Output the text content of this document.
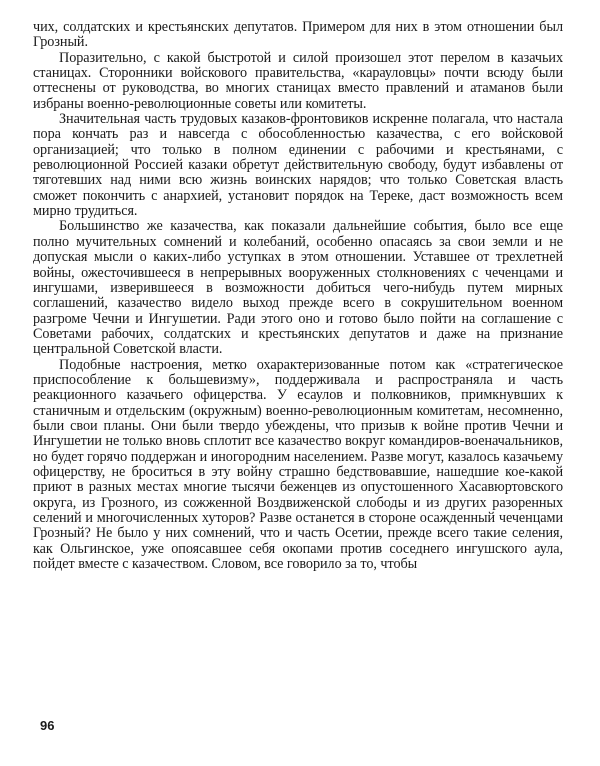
чих, солдатских и крестьянских депутатов. Примером для них в этом отношении был Грозный.

Поразительно, с какой быстротой и силой произошел этот перелом в казачьих станицах. Сторонники войскового правительства, «карауловцы» почти всюду были оттеснены от руководства, во многих станицах вместо правлений и атаманов были избраны военно-революционные советы или комитеты.

Значительная часть трудовых казаков-фронтовиков искренне полагала, что настала пора кончать раз и навсегда с обособленностью казачества, с его войсковой организацией; что только в полном единении с рабочими и крестьянами, с революционной Россией казаки обретут действительную свободу, будут избавлены от тяготевших над ними всю жизнь воинских нарядов; что только Советская власть сможет покончить с анархией, установит порядок на Тереке, даст возможность всем мирно трудиться.

Большинство же казачества, как показали дальнейшие события, было все еще полно мучительных сомнений и колебаний, особенно опасаясь за свои земли и не допуская мысли о каких-либо уступках в этом отношении. Уставшее от трехлетней войны, ожесточившееся в непрерывных вооруженных столкновениях с чеченцами и ингушами, изверившееся в возможности добиться чего-нибудь путем мирных соглашений, казачество видело выход прежде всего в сокрушительном военном разгроме Чечни и Ингушетии. Ради этого оно и готово было пойти на соглашение с Советами рабочих, солдатских и крестьянских депутатов и даже на признание центральной Советской власти.

Подобные настроения, метко охарактеризованные потом как «стратегическое приспособление к большевизму», поддерживала и распространяла и часть реакционного казачьего офицерства. У есаулов и полковников, примкнувших к станичным и отдельским (окружным) военно-революционным комитетам, несомненно, были свои планы. Они были твердо убеждены, что призыв к войне против Чечни и Ингушетии не только вновь сплотит все казачество вокруг командиров-военачальников, но будет горячо поддержан и иногородним населением. Разве могут, казалось казачьему офицерству, не броситься в эту войну страшно бедствовавшие, нашедшие кое-какой приют в разных местах многие тысячи беженцев из опустошенного Хасавюртовского округа, из Грозного, из сожженной Воздвиженской слободы и из других разоренных селений и многочисленных хуторов? Разве останется в стороне осажденный чеченцами Грозный? Не было у них сомнений, что и часть Осетии, прежде всего такие селения, как Ольгинское, уже опоясавшее себя окопами против соседнего ингушского аула, пойдет вместе с казачеством. Словом, все говорило за то, чтобы

96
